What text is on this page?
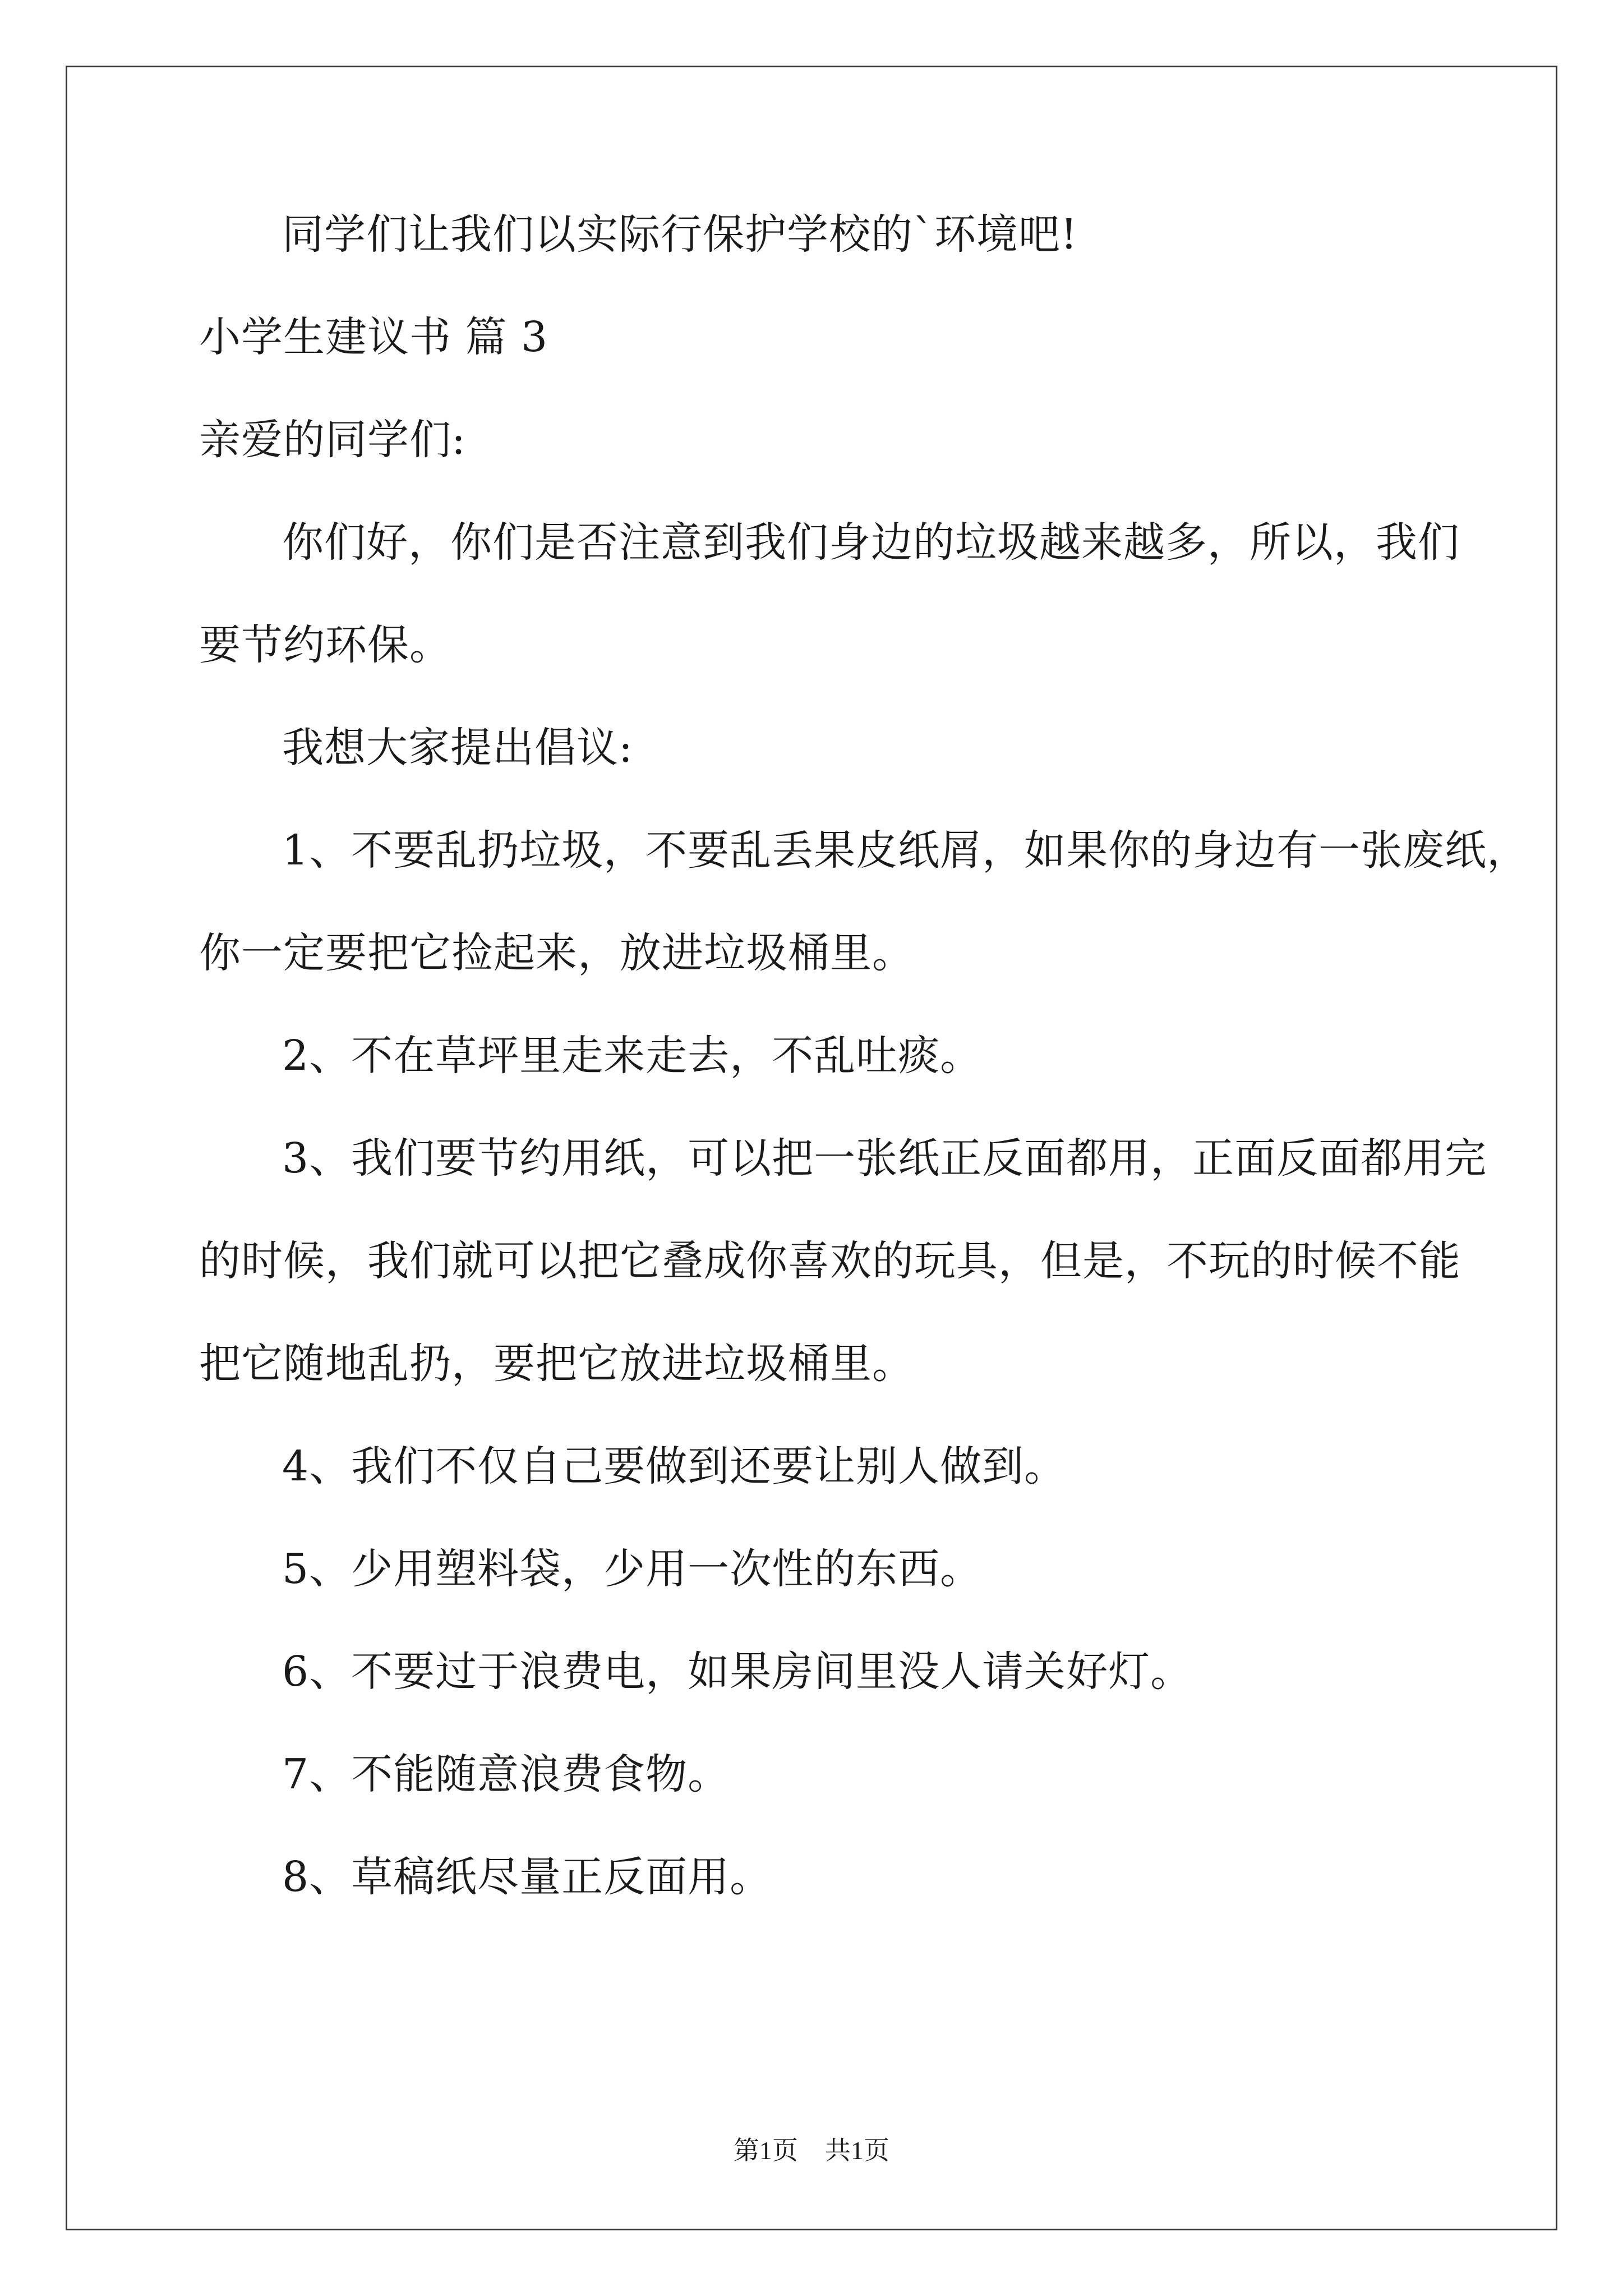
同学们让我们以实际行保护学校的`环境吧!
小学生建议书 篇 3
亲爱的同学们:
你们好，你们是否注意到我们身边的垃圾越来越多，所以，我们
要节约环保。
我想大家提出倡议:
1、不要乱扔垃圾，不要乱丢果皮纸屑，如果你的身边有一张废纸，
你一定要把它捡起来，放进垃圾桶里。
2、不在草坪里走来走去，不乱吐痰。
3、我们要节约用纸，可以把一张纸正反面都用，正面反面都用完
的时候，我们就可以把它叠成你喜欢的玩具，但是，不玩的时候不能
把它随地乱扔，要把它放进垃圾桶里。
4、我们不仅自己要做到还要让别人做到。
5、少用塑料袋，少用一次性的东西。
6、不要过于浪费电，如果房间里没人请关好灯。
7、不能随意浪费食物。
8、草稿纸尽量正反面用。
第1页 共1页
